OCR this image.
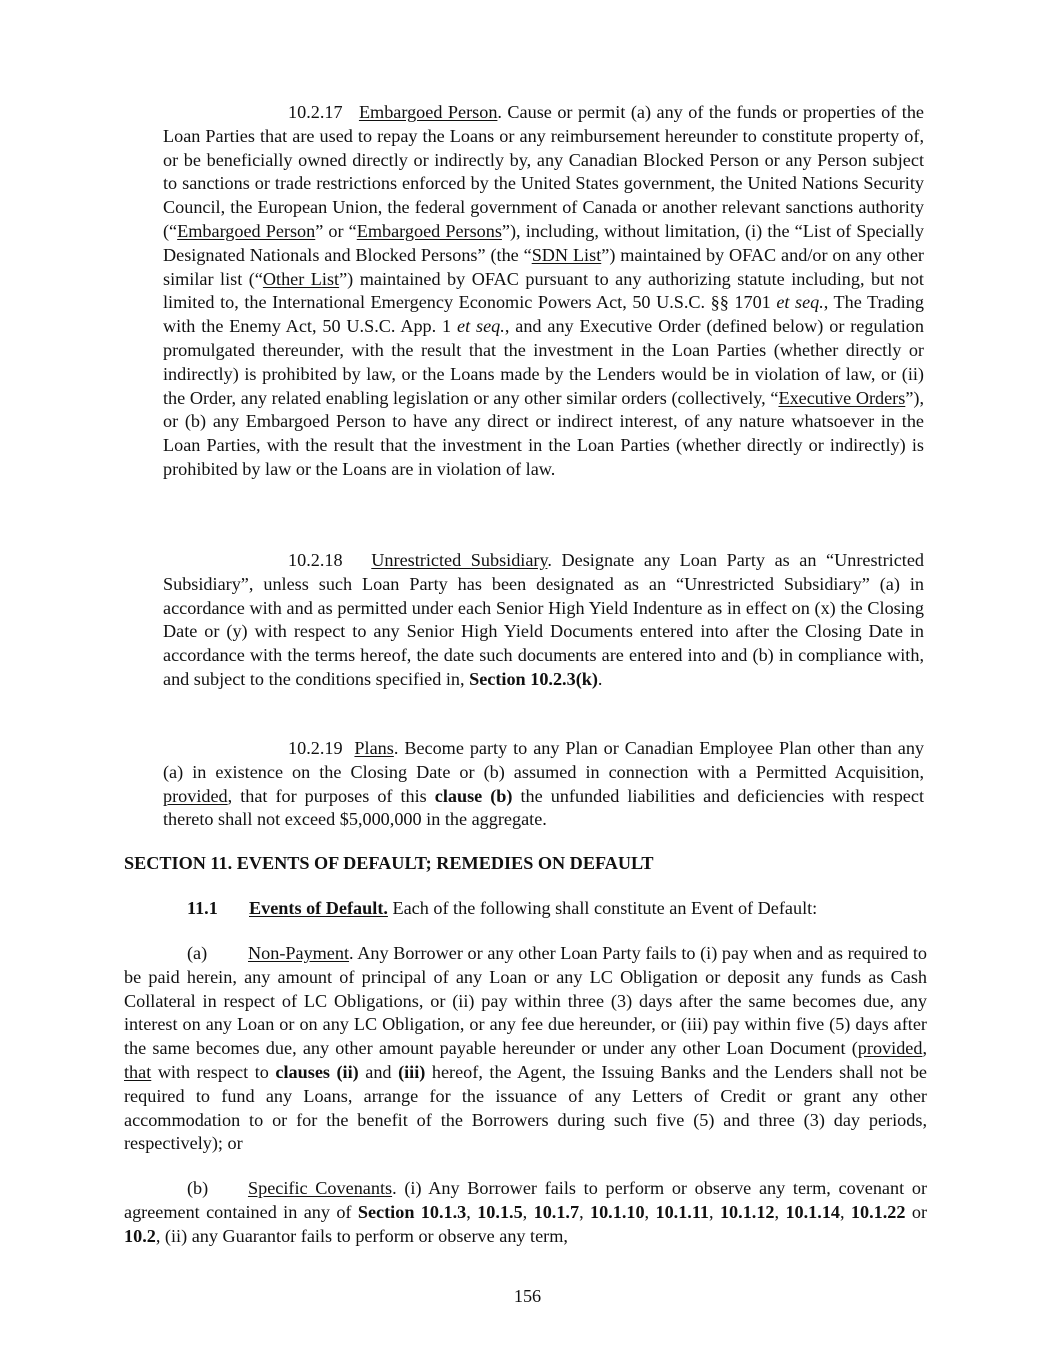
10.2.17 Embargoed Person. Cause or permit (a) any of the funds or properties of the Loan Parties that are used to repay the Loans or any reimbursement hereunder to constitute property of, or be beneficially owned directly or indirectly by, any Canadian Blocked Person or any Person subject to sanctions or trade restrictions enforced by the United States government, the United Nations Security Council, the European Union, the federal government of Canada or another relevant sanctions authority (“Embargoed Person” or “Embargoed Persons”), including, without limitation, (i) the “List of Specially Designated Nationals and Blocked Persons” (the “SDN List”) maintained by OFAC and/or on any other similar list (“Other List”) maintained by OFAC pursuant to any authorizing statute including, but not limited to, the International Emergency Economic Powers Act, 50 U.S.C. §§ 1701 et seq., The Trading with the Enemy Act, 50 U.S.C. App. 1 et seq., and any Executive Order (defined below) or regulation promulgated thereunder, with the result that the investment in the Loan Parties (whether directly or indirectly) is prohibited by law, or the Loans made by the Lenders would be in violation of law, or (ii) the Order, any related enabling legislation or any other similar orders (collectively, “Executive Orders”), or (b) any Embargoed Person to have any direct or indirect interest, of any nature whatsoever in the Loan Parties, with the result that the investment in the Loan Parties (whether directly or indirectly) is prohibited by law or the Loans are in violation of law.

10.2.18 Unrestricted Subsidiary. Designate any Loan Party as an “Unrestricted Subsidiary”, unless such Loan Party has been designated as an “Unrestricted Subsidiary” (a) in accordance with and as permitted under each Senior High Yield Indenture as in effect on (x) the Closing Date or (y) with respect to any Senior High Yield Documents entered into after the Closing Date in accordance with the terms hereof, the date such documents are entered into and (b) in compliance with, and subject to the conditions specified in, Section 10.2.3(k).

10.2.19 Plans. Become party to any Plan or Canadian Employee Plan other than any (a) in existence on the Closing Date or (b) assumed in connection with a Permitted Acquisition, provided, that for purposes of this clause (b) the unfunded liabilities and deficiencies with respect thereto shall not exceed $5,000,000 in the aggregate.

SECTION 11. EVENTS OF DEFAULT; REMEDIES ON DEFAULT
11.1 Events of Default. Each of the following shall constitute an Event of Default:

(a) Non-Payment. Any Borrower or any other Loan Party fails to (i) pay when and as required to be paid herein, any amount of principal of any Loan or any LC Obligation or deposit any funds as Cash Collateral in respect of LC Obligations, or (ii) pay within three (3) days after the same becomes due, any interest on any Loan or on any LC Obligation, or any fee due hereunder, or (iii) pay within five (5) days after the same becomes due, any other amount payable hereunder or under any other Loan Document (provided, that with respect to clauses (ii) and (iii) hereof, the Agent, the Issuing Banks and the Lenders shall not be required to fund any Loans, arrange for the issuance of any Letters of Credit or grant any other accommodation to or for the benefit of the Borrowers during such five (5) and three (3) day periods, respectively); or

(b) Specific Covenants. (i) Any Borrower fails to perform or observe any term, covenant or agreement contained in any of Section 10.1.3, 10.1.5, 10.1.7, 10.1.10, 10.1.11, 10.1.12, 10.1.14, 10.1.22 or 10.2, (ii) any Guarantor fails to perform or observe any term,

156
